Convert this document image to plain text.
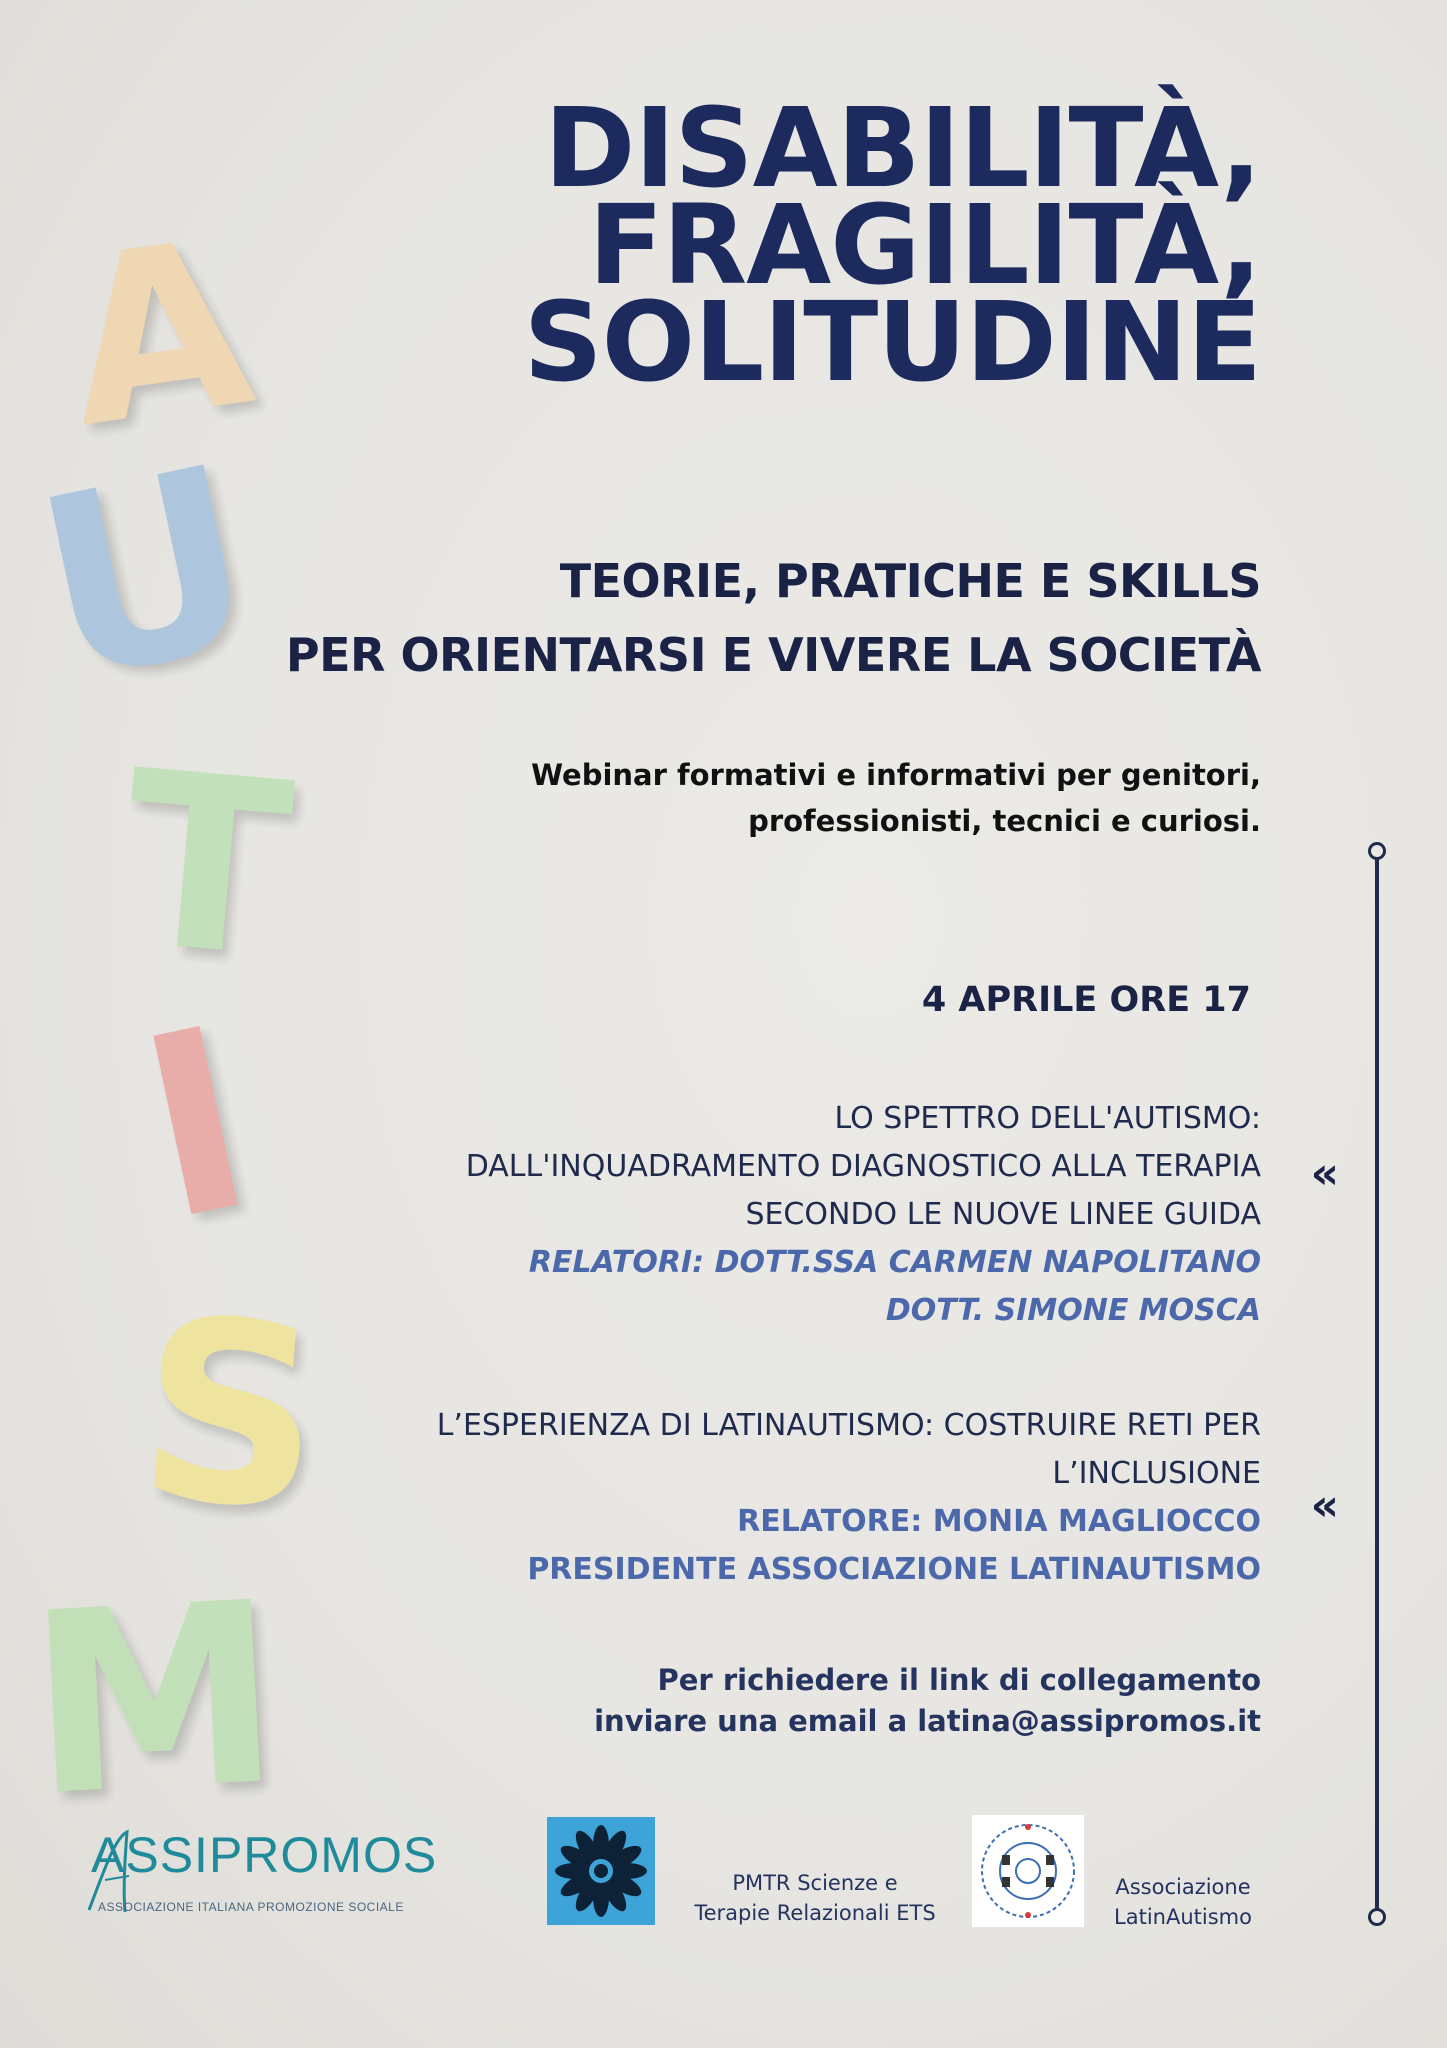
A
U
T
I
S
M
DISABILITÀ,
FRAGILITÀ,
SOLITUDINE
TEORIE, PRATICHE E SKILLS
PER ORIENTARSI E VIVERE LA SOCIETÀ
Webinar formativi e informativi per genitori,
professionisti, tecnici e curiosi.
4 APRILE ORE 17
LO SPETTRO DELL'AUTISMO:
DALL'INQUADRAMENTO DIAGNOSTICO ALLA TERAPIA
SECONDO LE NUOVE LINEE GUIDA
RELATORI: DOTT.SSA CARMEN NAPOLITANO
DOTT. SIMONE MOSCA
«
L’ESPERIENZA DI LATINAUTISMO: COSTRUIRE RETI PER
L’INCLUSIONE
RELATORE: MONIA MAGLIOCCO
PRESIDENTE ASSOCIAZIONE LATINAUTISMO
«
Per richiedere il link di collegamento
inviare una email a latina@assipromos.it
ASSIPROMOS
ASSOCIAZIONE ITALIANA PROMOZIONE SOCIALE
PMTR Scienze e
Terapie Relazionali ETS
Associazione
LatinAutismo
